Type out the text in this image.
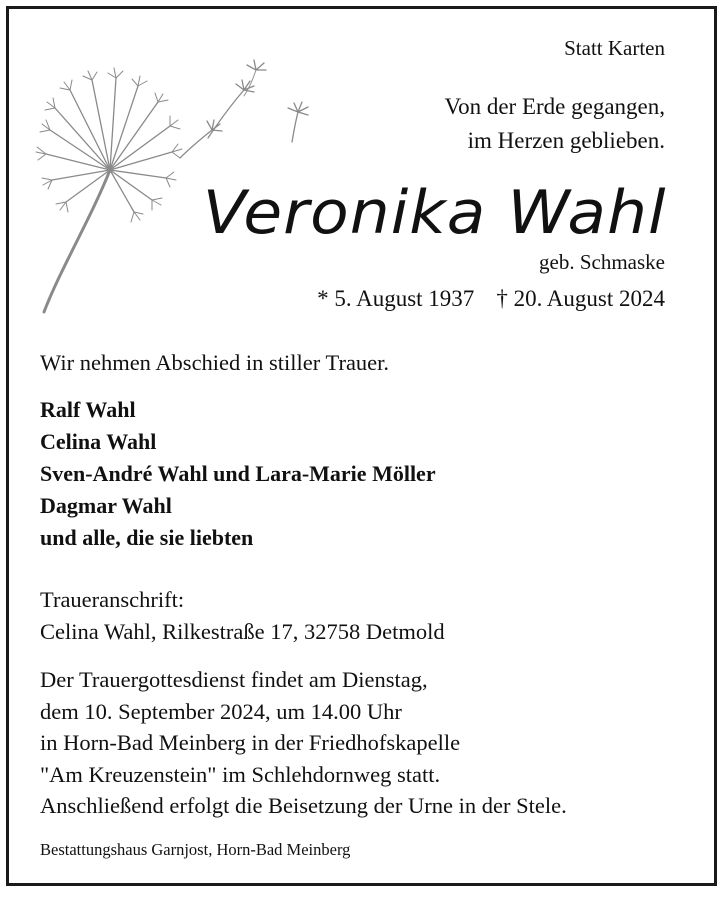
Statt Karten
Von der Erde gegangen,
im Herzen geblieben.
Veronika Wahl
geb. Schmaske
* 5. August 1937 † 20. August 2024
Wir nehmen Abschied in stiller Trauer.
Ralf Wahl
Celina Wahl
Sven-André Wahl und Lara-Marie Möller
Dagmar Wahl
und alle, die sie liebten
Traueranschrift:
Celina Wahl, Rilkestraße 17, 32758 Detmold
Der Trauergottesdienst findet am Dienstag,
dem 10. September 2024, um 14.00 Uhr
in Horn-Bad Meinberg in der Friedhofskapelle
"Am Kreuzenstein" im Schlehdornweg statt.
Anschließend erfolgt die Beisetzung der Urne in der Stele.
Bestattungshaus Garnjost, Horn-Bad Meinberg
